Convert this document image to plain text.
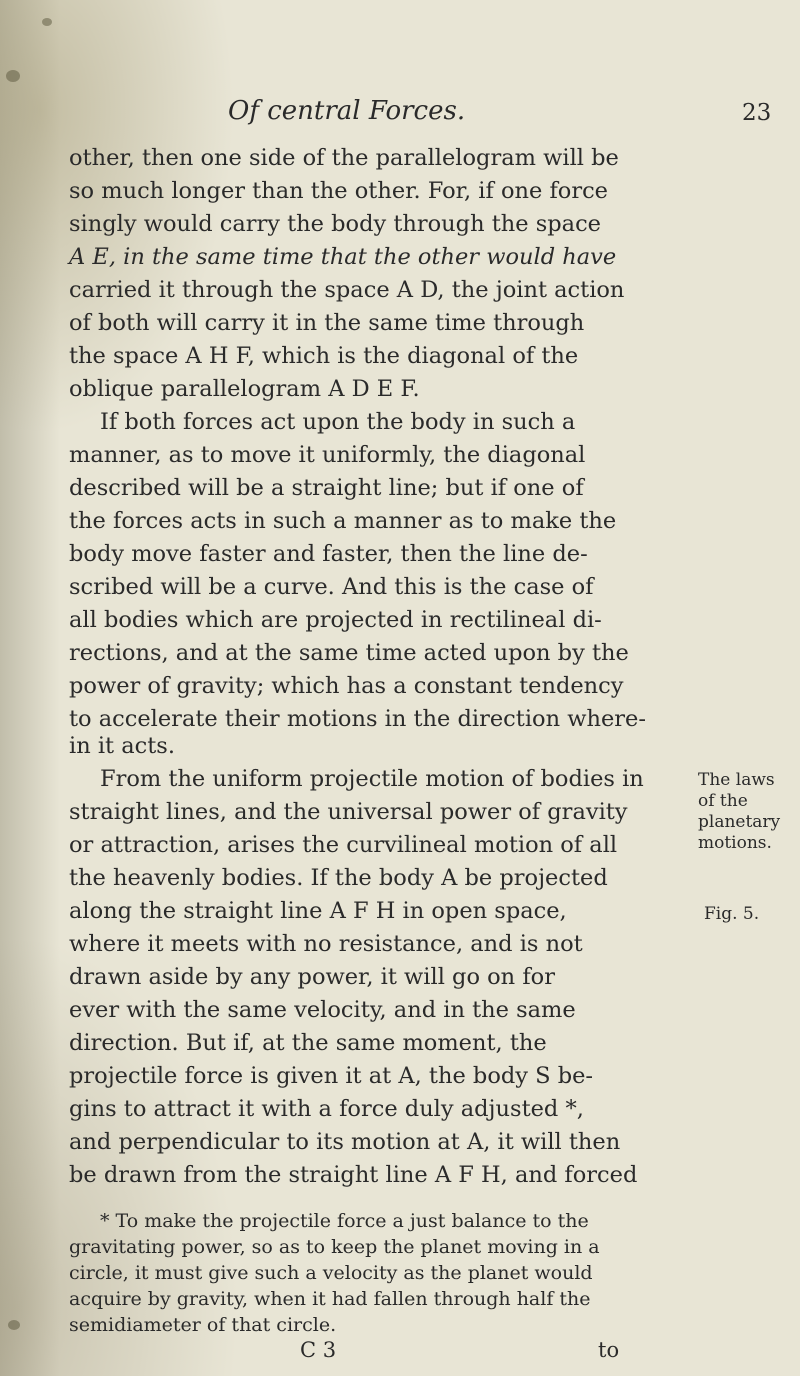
Of central Forces.	23
other, then one side of the parallelogram will be
so much longer than the other. For, if one force
singly would carry the body through the space
A E, in the same time that the other would have
carried it through the space A D, the joint action
of both will carry it in the same time through
the space A H F, which is the diagonal of the
oblique parallelogram A D E F.
If both forces act upon the body in such a
manner, as to move it uniformly, the diagonal
described will be a straight line; but if one of
the forces acts in such a manner as to make the
body move faster and faster, then the line de-
scribed will be a curve. And this is the case of
all bodies which are projected in rectilineal di-
rections, and at the same time acted upon by the
power of gravity; which has a constant tendency
to accelerate their motions in the direction where-
in it acts.
From the uniform projectile motion of bodies in
straight lines, and the universal power of gravity
or attraction, arises the curvilineal motion of all
the heavenly bodies. If the body A be projected
along the straight line A F H in open space,
where it meets with no resistance, and is not
drawn aside by any power, it will go on for
ever with the same velocity, and in the same
direction. But if, at the same moment, the
projectile force is given it at A, the body S be-
gins to attract it with a force duly adjusted *,
and perpendicular to its motion at A, it will then
be drawn from the straight line A F H, and forced
The laws
of the
planetary
motions.
Fig. 5.
* To make the projectile force a just balance to the
gravitating power, so as to keep the planet moving in a
circle, it must give such a velocity as the planet would
acquire by gravity, when it had fallen through half the
semidiameter of that circle.
C 3	to
